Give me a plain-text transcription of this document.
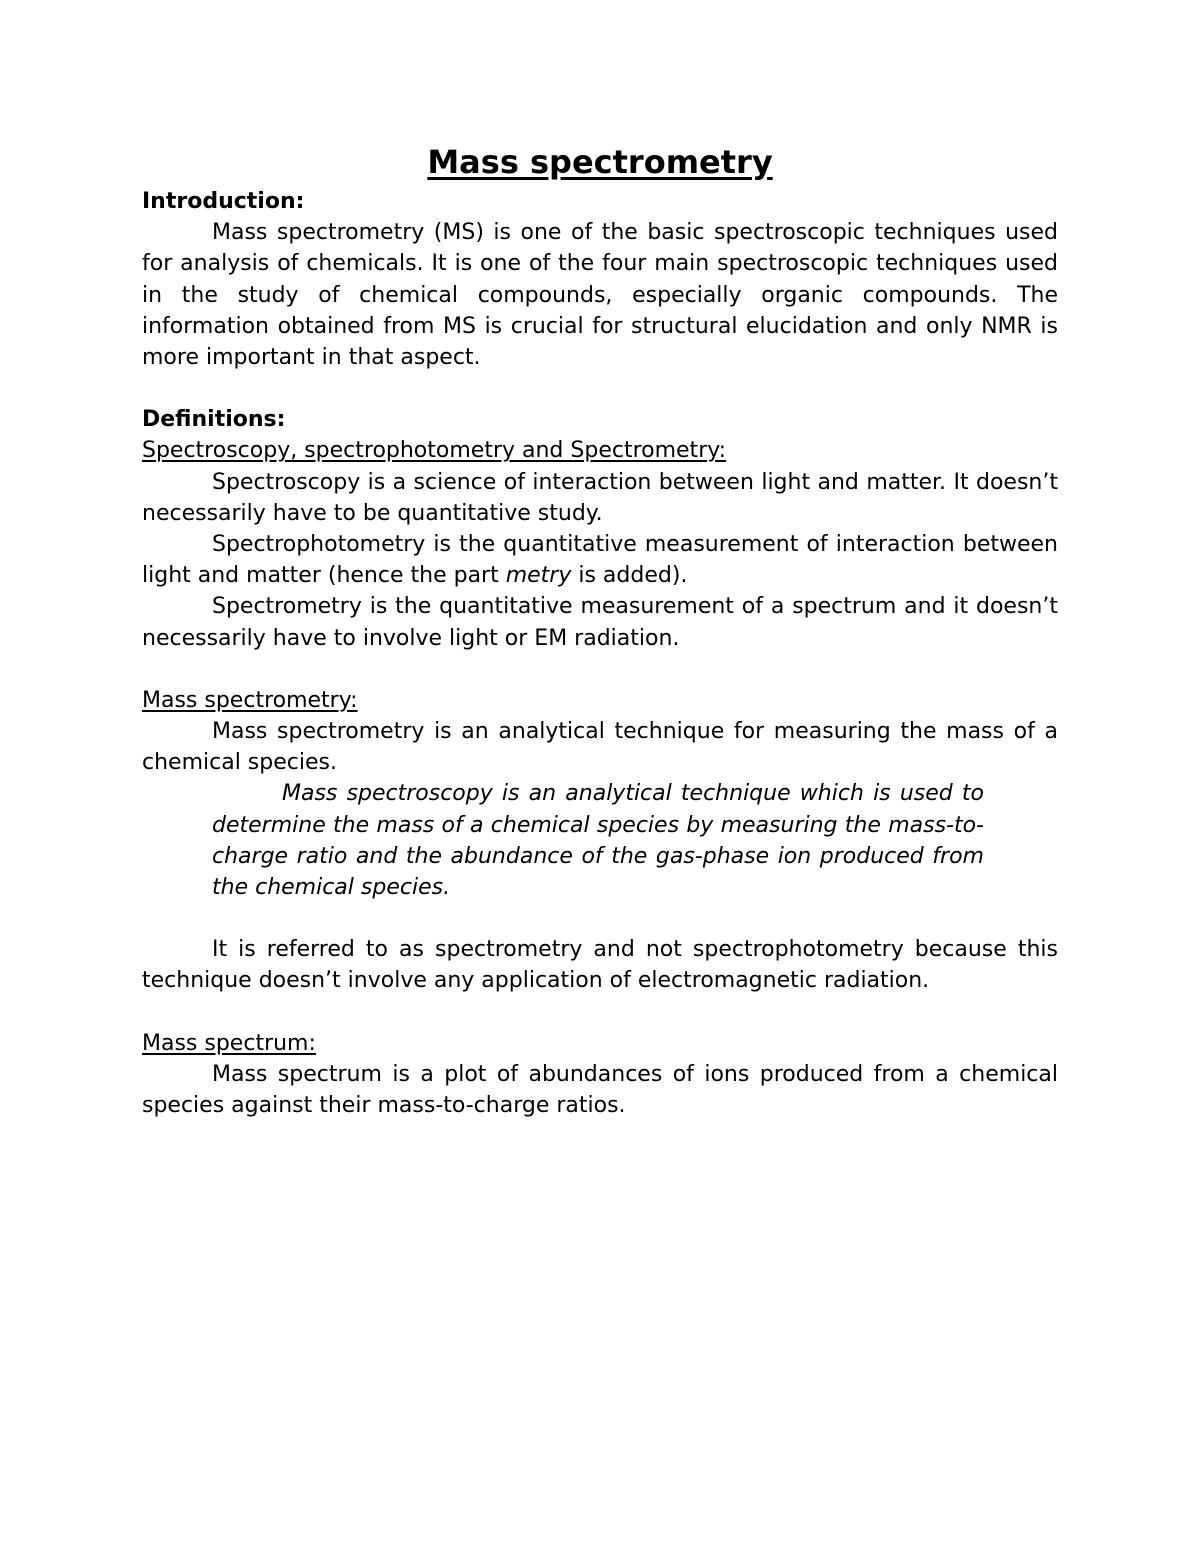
Mass spectrometry
Introduction:

Mass spectrometry (MS) is one of the basic spectroscopic techniques used for analysis of chemicals. It is one of the four main spectroscopic techniques used in the study of chemical compounds, especially organic compounds. The information obtained from MS is crucial for structural elucidation and only NMR is more important in that aspect.

Definitions:
Spectroscopy, spectrophotometry and Spectrometry:

Spectroscopy is a science of interaction between light and matter. It doesn’t necessarily have to be quantitative study.

Spectrophotometry is the quantitative measurement of interaction between light and matter (hence the part metry is added).

Spectrometry is the quantitative measurement of a spectrum and it doesn’t necessarily have to involve light or EM radiation.

Mass spectrometry:

Mass spectrometry is an analytical technique for measuring the mass of a chemical species.

Mass spectroscopy is an analytical technique which is used to determine the mass of a chemical species by measuring the mass-to-charge ratio and the abundance of the gas-phase ion produced from the chemical species.

It is referred to as spectrometry and not spectrophotometry because this technique doesn’t involve any application of electromagnetic radiation.

Mass spectrum:

Mass spectrum is a plot of abundances of ions produced from a chemical species against their mass-to-charge ratios.
